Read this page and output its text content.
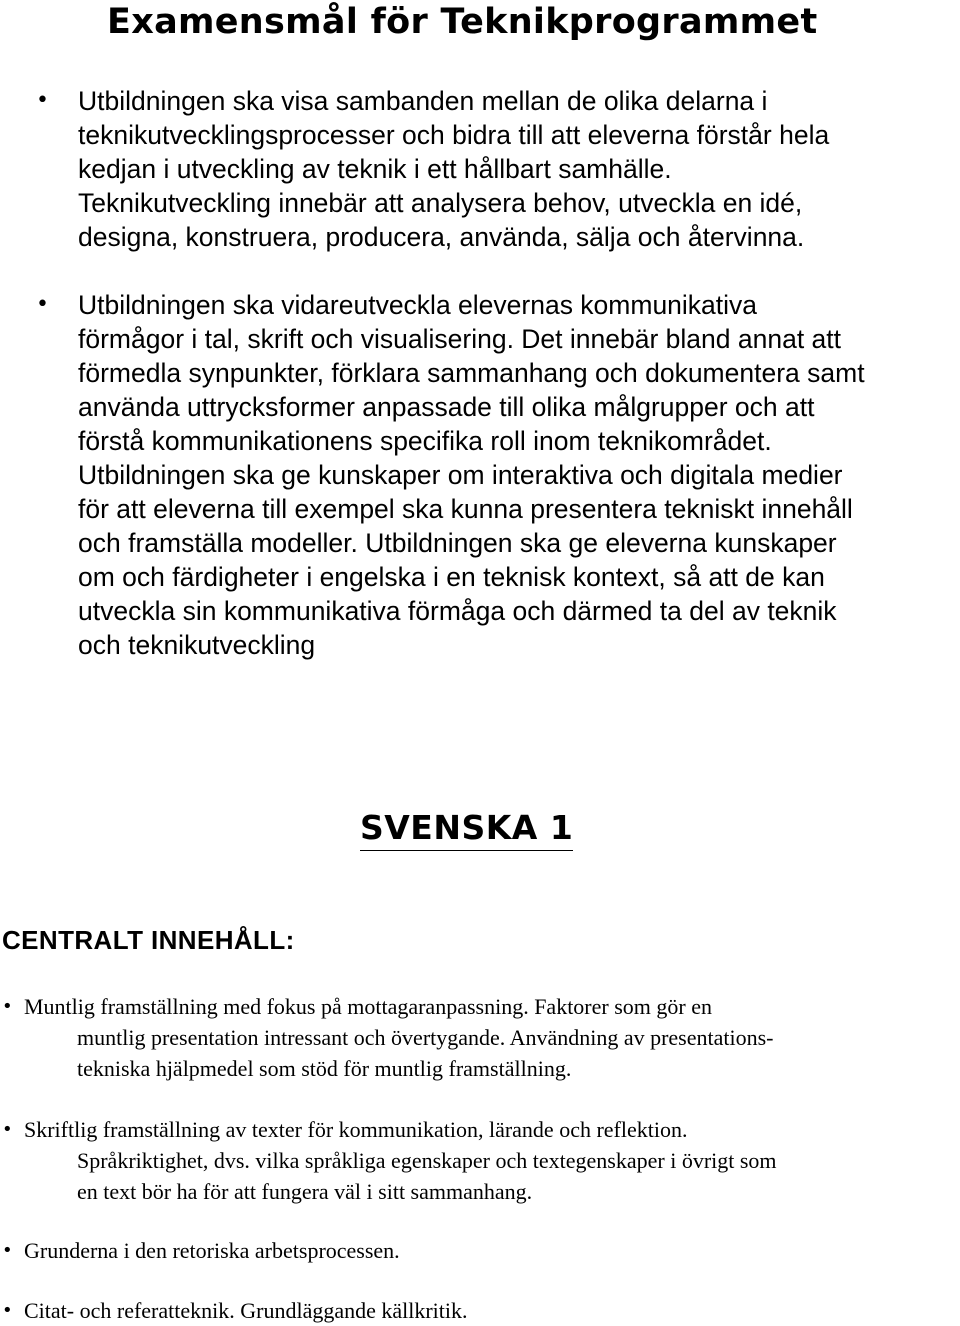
Examensmål för Teknikprogrammet
• Utbildningen ska visa sambanden mellan de olika delarna i

teknikutvecklingsprocesser och bidra till att eleverna förstår hela

kedjan i utveckling av teknik i ett hållbart samhälle.

Teknikutveckling innebär att analysera behov, utveckla en idé,

designa, konstruera, producera, använda, sälja och återvinna.

• Utbildningen ska vidareutveckla elevernas kommunikativa

förmågor i tal, skrift och visualisering. Det innebär bland annat att

förmedla synpunkter, förklara sammanhang och dokumentera samt

använda uttrycksformer anpassade till olika målgrupper och att

förstå kommunikationens specifika roll inom teknikområdet.

Utbildningen ska ge kunskaper om interaktiva och digitala medier

för att eleverna till exempel ska kunna presentera tekniskt innehåll

och framställa modeller. Utbildningen ska ge eleverna kunskaper

om och färdigheter i engelska i en teknisk kontext, så att de kan

utveckla sin kommunikativa förmåga och därmed ta del av teknik

och teknikutveckling

SVENSKA 1
CENTRALT INNEHÅLL:
• Muntlig framställning med fokus på mottagaranpassning. Faktorer som gör en

muntlig presentation intressant och övertygande. Användning av presentations-

tekniska hjälpmedel som stöd för muntlig framställning.

• Skriftlig framställning av texter för kommunikation, lärande och reflektion.

Språkriktighet, dvs. vilka språkliga egenskaper och textegenskaper i övrigt som

en text bör ha för att fungera väl i sitt sammanhang.

• Grunderna i den retoriska arbetsprocessen.

• Citat- och referatteknik. Grundläggande källkritik.
